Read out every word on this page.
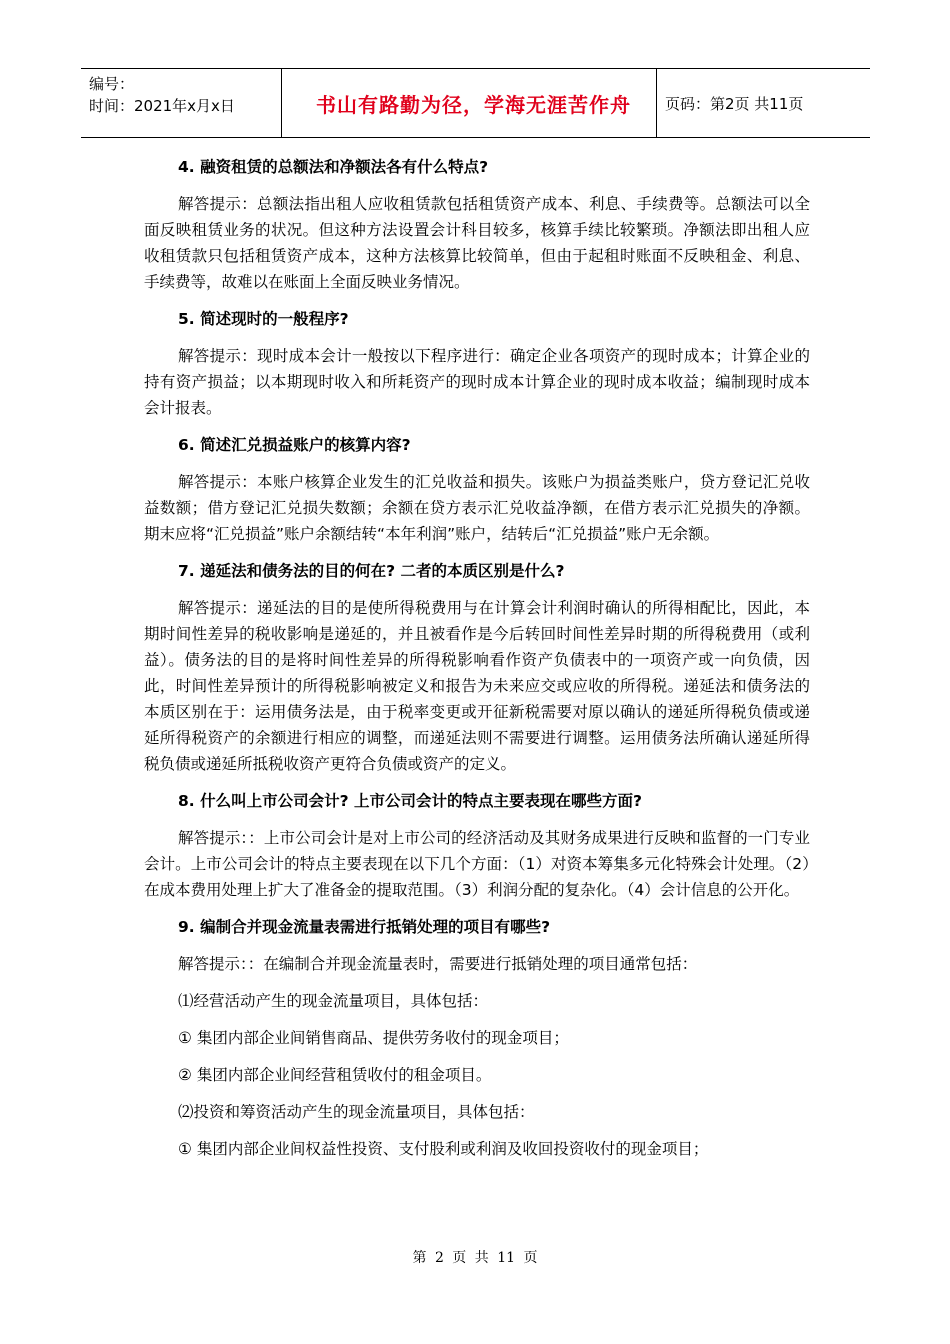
编号：
时间：2021年x月x日	书山有路勤为径，学海无涯苦作舟	页码：第2页 共11页
4. 融资租赁的总额法和净额法各有什么特点?

解答提示：总额法指出租人应收租赁款包括租赁资产成本、利息、手续费等。总额法可以全面反映租赁业务的状况。但这种方法设置会计科目较多，核算手续比较繁琐。净额法即出租人应收租赁款只包括租赁资产成本，这种方法核算比较简单，但由于起租时账面不反映租金、利息、手续费等，故难以在账面上全面反映业务情况。

5. 简述现时的一般程序?

解答提示：现时成本会计一般按以下程序进行：确定企业各项资产的现时成本；计算企业的持有资产损益；以本期现时收入和所耗资产的现时成本计算企业的现时成本收益；编制现时成本会计报表。

6. 简述汇兑损益账户的核算内容?

解答提示：本账户核算企业发生的汇兑收益和损失。该账户为损益类账户，贷方登记汇兑收益数额；借方登记汇兑损失数额；余额在贷方表示汇兑收益净额，在借方表示汇兑损失的净额。期末应将“汇兑损益”账户余额结转“本年利润”账户，结转后“汇兑损益”账户无余额。

7. 递延法和债务法的目的何在? 二者的本质区别是什么?

解答提示：递延法的目的是使所得税费用与在计算会计利润时确认的所得相配比，因此，本期时间性差异的税收影响是递延的，并且被看作是今后转回时间性差异时期的所得税费用（或利益）。债务法的目的是将时间性差异的所得税影响看作资产负债表中的一项资产或一向负债，因此，时间性差异预计的所得税影响被定义和报告为未来应交或应收的所得税。递延法和债务法的本质区别在于：运用债务法是，由于税率变更或开征新税需要对原以确认的递延所得税负债或递延所得税资产的余额进行相应的调整，而递延法则不需要进行调整。运用债务法所确认递延所得税负债或递延所抵税收资产更符合负债或资产的定义。

8. 什么叫上市公司会计? 上市公司会计的特点主要表现在哪些方面?

解答提示：：上市公司会计是对上市公司的经济活动及其财务成果进行反映和监督的一门专业会计。上市公司会计的特点主要表现在以下几个方面：（1）对资本筹集多元化特殊会计处理。（2）在成本费用处理上扩大了准备金的提取范围。（3）利润分配的复杂化。（4）会计信息的公开化。

9. 编制合并现金流量表需进行抵销处理的项目有哪些?

解答提示：：在编制合并现金流量表时，需要进行抵销处理的项目通常包括：

⑴经营活动产生的现金流量项目，具体包括：

① 集团内部企业间销售商品、提供劳务收付的现金项目；

② 集团内部企业间经营租赁收付的租金项目。

⑵投资和筹资活动产生的现金流量项目，具体包括：

① 集团内部企业间权益性投资、支付股利或利润及收回投资收付的现金项目；

第 2 页 共 11 页
